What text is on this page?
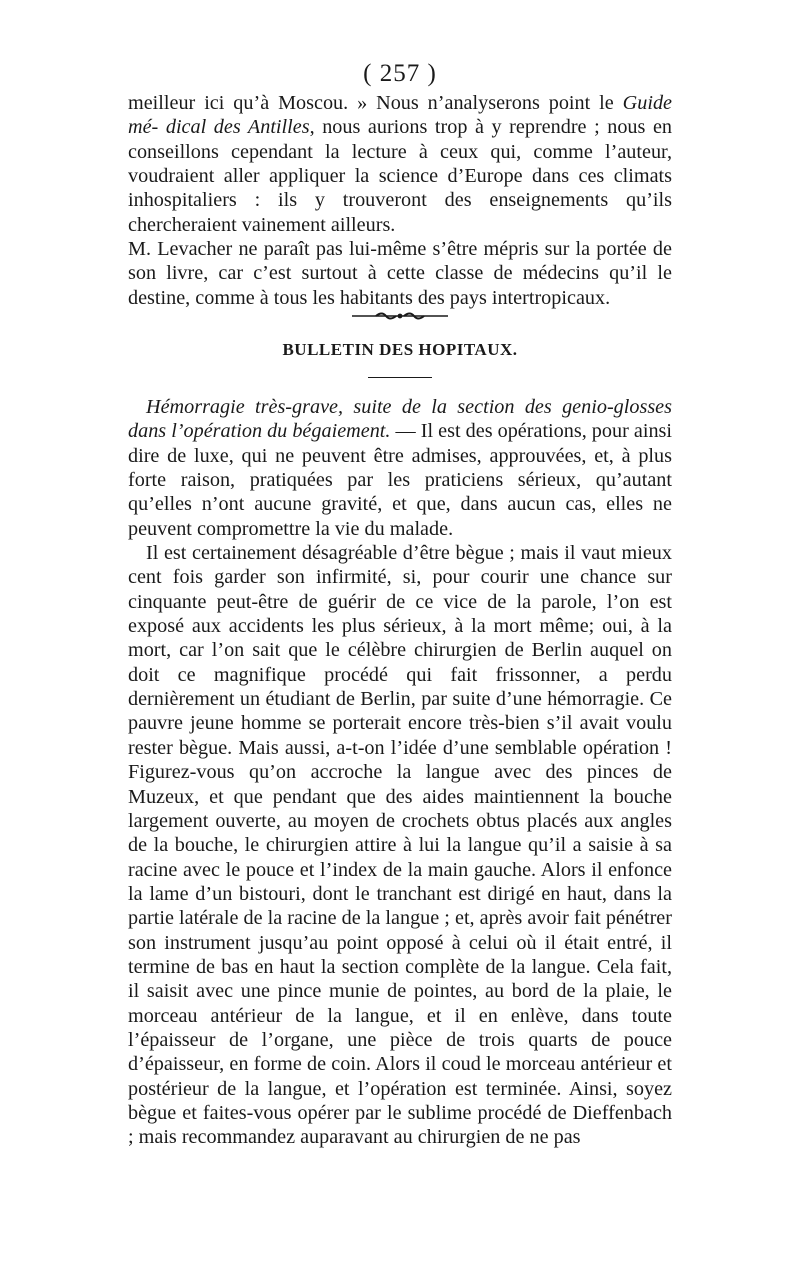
( 257 )

meilleur ici qu’à Moscou. » Nous n’analyserons point le Guide mé- dical des Antilles, nous aurions trop à y reprendre ; nous en conseillons cependant la lecture à ceux qui, comme l’auteur, voudraient aller appliquer la science d’Europe dans ces climats inhospitaliers : ils y trouveront des enseignements qu’ils chercheraient vainement ailleurs.

M. Levacher ne paraît pas lui-même s’être mépris sur la portée de son livre, car c’est surtout à cette classe de médecins qu’il le destine, comme à tous les habitants des pays intertropicaux.

BULLETIN DES HOPITAUX.

Hémorragie très-grave, suite de la section des genio-glosses dans l’opération du bégaiement. — Il est des opérations, pour ainsi dire de luxe, qui ne peuvent être admises, approuvées, et, à plus forte raison, pratiquées par les praticiens sérieux, qu’autant qu’elles n’ont aucune gravité, et que, dans aucun cas, elles ne peuvent compromettre la vie du malade.

Il est certainement désagréable d’être bègue ; mais il vaut mieux cent fois garder son infirmité, si, pour courir une chance sur cinquante peut-être de guérir de ce vice de la parole, l’on est exposé aux accidents les plus sérieux, à la mort même; oui, à la mort, car l’on sait que le célèbre chirurgien de Berlin auquel on doit ce magnifique procédé qui fait frissonner, a perdu dernièrement un étudiant de Berlin, par suite d’une hémorragie. Ce pauvre jeune homme se porterait encore très-bien s’il avait voulu rester bègue. Mais aussi, a-t-on l’idée d’une semblable opération ! Figurez-vous qu’on accroche la langue avec des pinces de Muzeux, et que pendant que des aides maintiennent la bouche largement ouverte, au moyen de crochets obtus placés aux angles de la bouche, le chirurgien attire à lui la langue qu’il a saisie à sa racine avec le pouce et l’index de la main gauche. Alors il enfonce la lame d’un bistouri, dont le tranchant est dirigé en haut, dans la partie latérale de la racine de la langue ; et, après avoir fait pénétrer son instrument jusqu’au point opposé à celui où il était entré, il termine de bas en haut la section complète de la langue. Cela fait, il saisit avec une pince munie de pointes, au bord de la plaie, le morceau antérieur de la langue, et il en enlève, dans toute l’épaisseur de l’organe, une pièce de trois quarts de pouce d’épaisseur, en forme de coin. Alors il coud le morceau antérieur et postérieur de la langue, et l’opération est terminée. Ainsi, soyez bègue et faites-vous opérer par le sublime procédé de Dieffenbach ; mais recommandez auparavant au chirurgien de ne pas
